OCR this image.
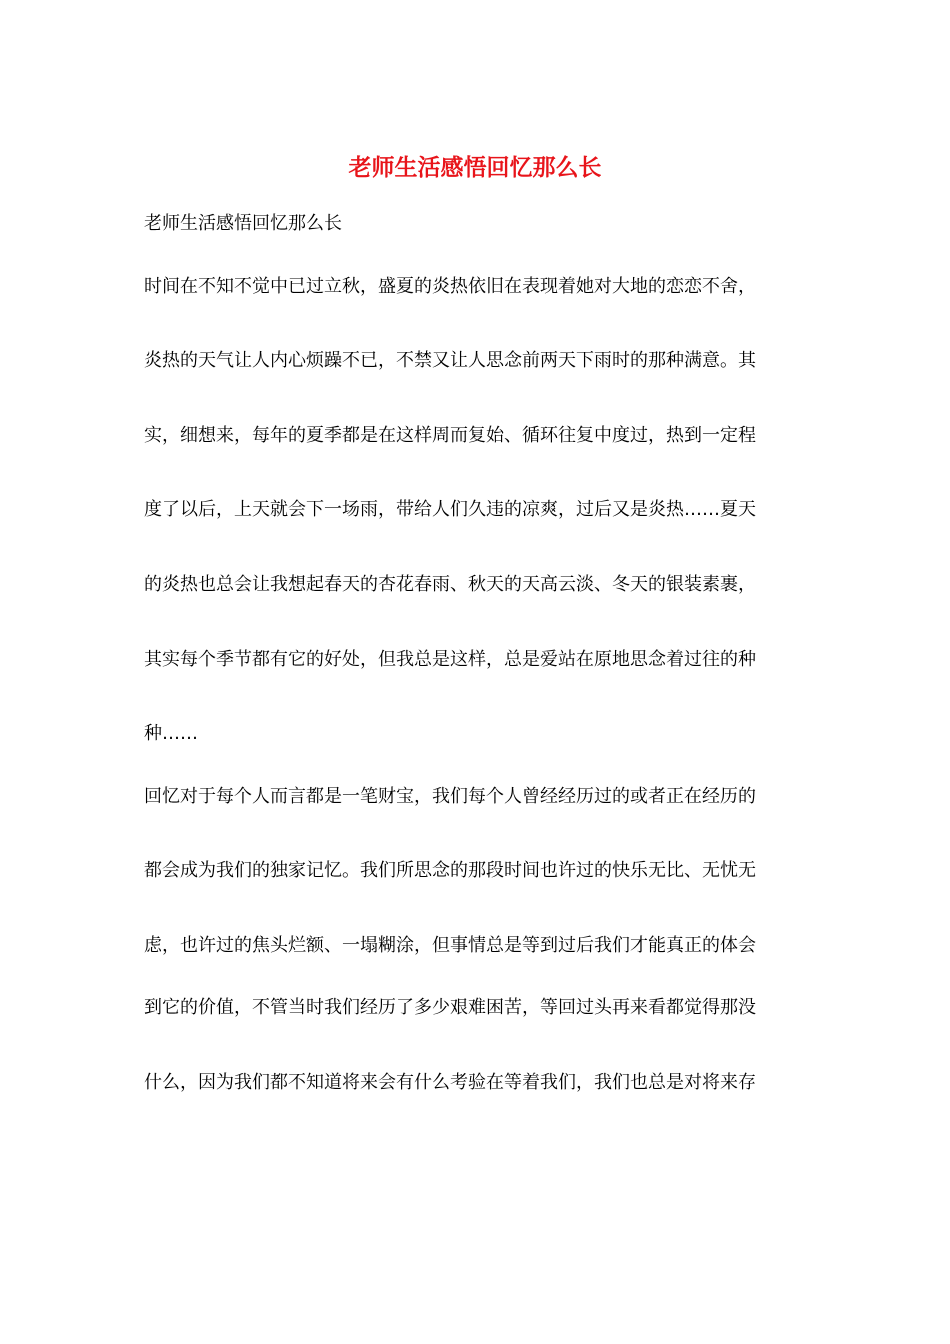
老师生活感悟回忆那么长

老师生活感悟回忆那么长

时间在不知不觉中已过立秋，盛夏的炎热依旧在表现着她对大地的恋恋不舍，

炎热的天气让人内心烦躁不已，不禁又让人思念前两天下雨时的那种满意。其

实，细想来，每年的夏季都是在这样周而复始、循环往复中度过，热到一定程

度了以后，上天就会下一场雨，带给人们久违的凉爽，过后又是炎热……夏天

的炎热也总会让我想起春天的杏花春雨、秋天的天高云淡、冬天的银装素裹，

其实每个季节都有它的好处，但我总是这样，总是爱站在原地思念着过往的种

种……

回忆对于每个人而言都是一笔财宝，我们每个人曾经经历过的或者正在经历的

都会成为我们的独家记忆。我们所思念的那段时间也许过的快乐无比、无忧无

虑，也许过的焦头烂额、一塌糊涂，但事情总是等到过后我们才能真正的体会

到它的价值，不管当时我们经历了多少艰难困苦，等回过头再来看都觉得那没

什么，因为我们都不知道将来会有什么考验在等着我们，我们也总是对将来存
